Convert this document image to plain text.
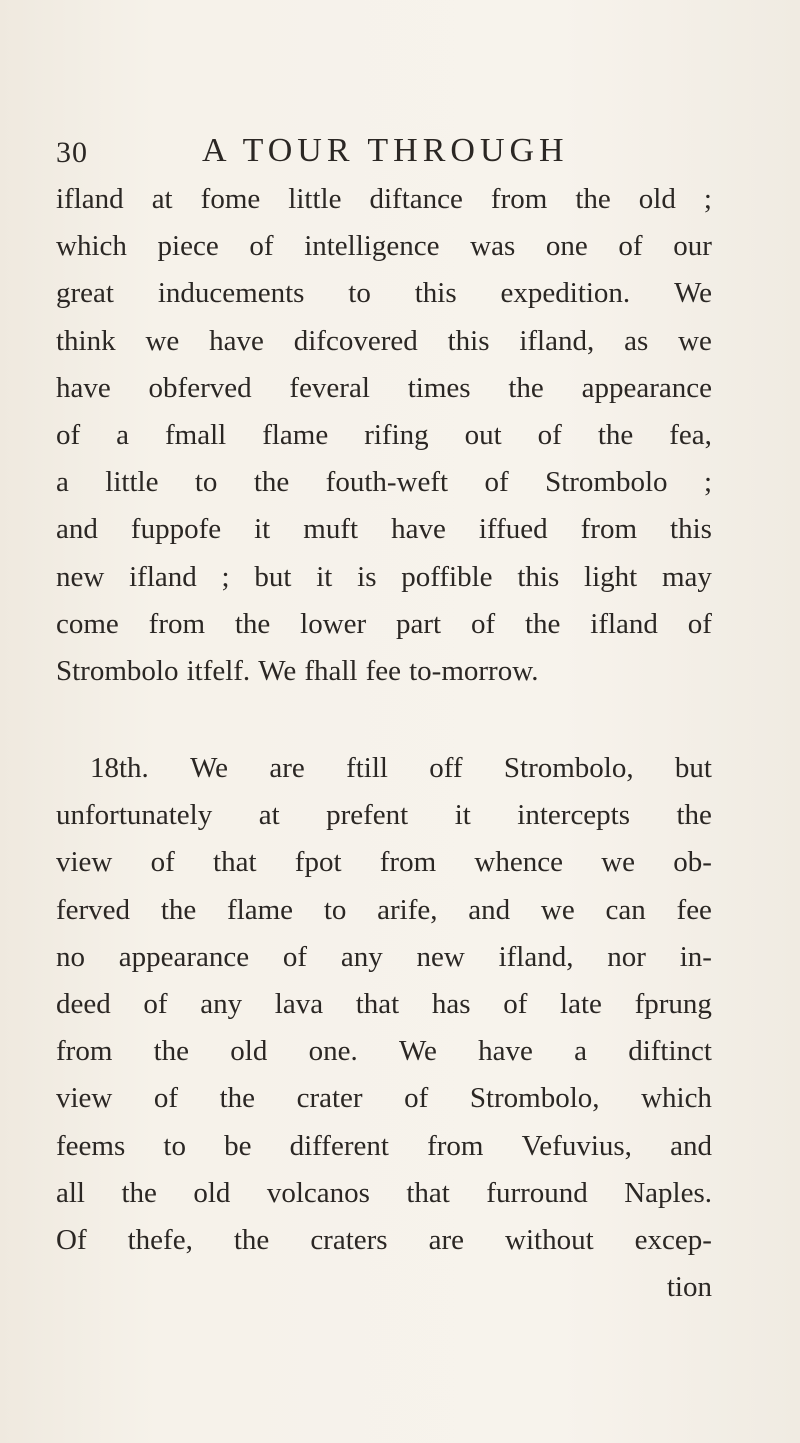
30	A TOUR THROUGH
ifland at fome little diftance from the old ;
which piece of intelligence was one of our
great inducements to this expedition. We
think we have difcovered this ifland, as we
have obferved feveral times the appearance
of a fmall flame rifing out of the fea,
a little to the fouth-weft of Strombolo ;
and fuppofe it muft have iffued from this
new ifland ; but it is poffible this light may
come from the lower part of the ifland of
Strombolo itfelf. We fhall fee to-morrow.
18th. We are ftill off Strombolo, but
unfortunately at prefent it intercepts the
view of that fpot from whence we ob-
ferved the flame to arife, and we can fee
no appearance of any new ifland, nor in-
deed of any lava that has of late fprung
from the old one. We have a diftinct
view of the crater of Strombolo, which
feems to be different from Vefuvius, and
all the old volcanos that furround Naples.
Of thefe, the craters are without excep-
tion
